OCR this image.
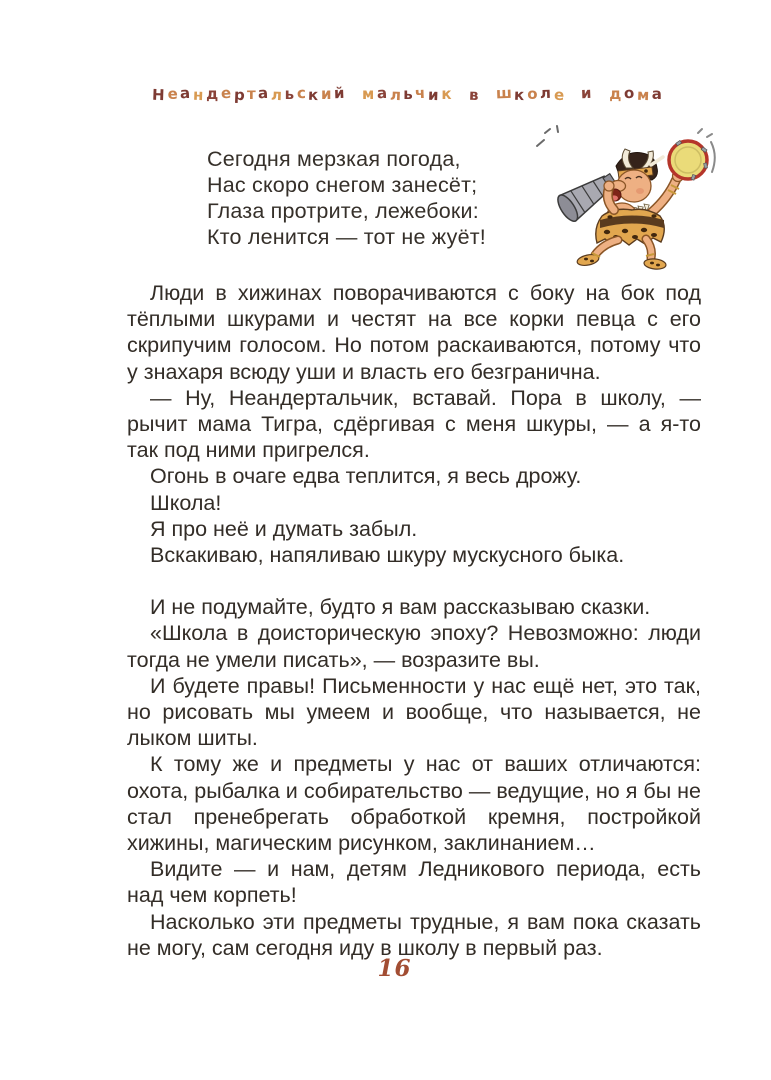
Неандертальский мальчик в школе и дома
Сегодня мерзкая погода,
Нас скоро снегом занесёт;
Глаза протрите, лежебоки:
Кто ленится — тот не жуёт!

Люди в хижинах поворачиваются с боку на бок под тёплыми шкурами и честят на все корки певца с его скрипучим голосом. Но потом раскаиваются, потому что у знахаря всюду уши и власть его безгранична.

— Ну, Неандертальчик, вставай. Пора в школу, — рычит мама Тигра, сдёргивая с меня шкуры, — а я-то так под ними пригрелся.

Огонь в очаге едва теплится, я весь дрожу.

Школа!

Я про неё и думать забыл.

Вскакиваю, напяливаю шкуру мускусного быка.

И не подумайте, будто я вам рассказываю сказки.

«Школа в доисторическую эпоху? Невозможно: люди тогда не умели писать», — возразите вы.

И будете правы! Письменности у нас ещё нет, это так, но рисовать мы умеем и вообще, что называется, не лыком шиты.

К тому же и предметы у нас от ваших отличаются: охота, рыбалка и собирательство — ведущие, но я бы не стал пренебрегать обработкой кремня, постройкой хижины, магическим рисунком, заклинанием…

Видите — и нам, детям Ледникового периода, есть над чем корпеть!

Насколько эти предметы трудные, я вам пока сказать не могу, сам сегодня иду в школу в первый раз.

16
